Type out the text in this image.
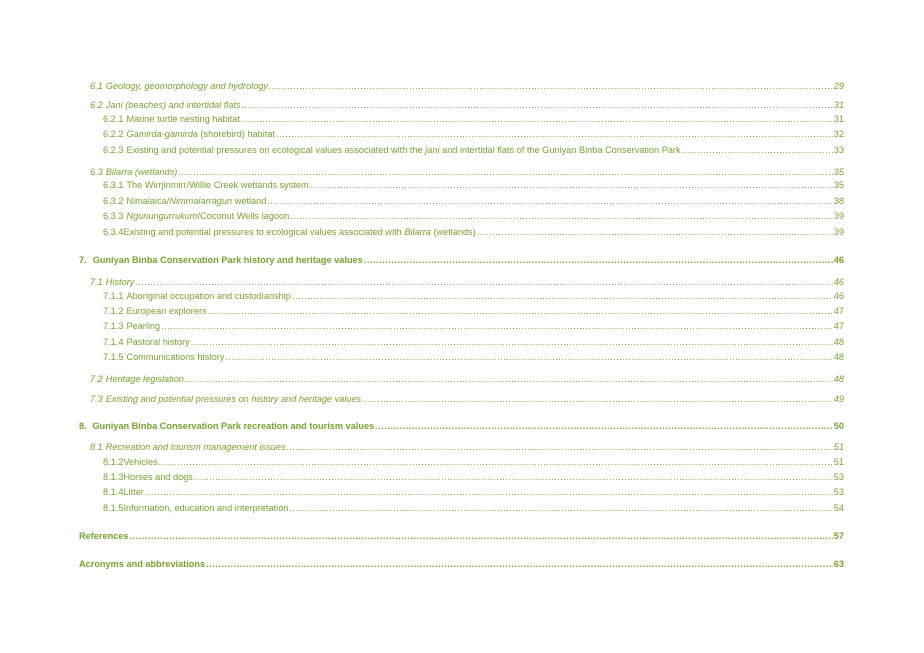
6.1 Geology, geomorphology and hydrology .....	29
6.2 Jani (beaches) and intertidal flats .....	31
6.2.1 Marine turtle nesting habitat .....	31
6.2.2 Gamirda-gamirda (shorebird) habitat .....	32
6.2.3 Existing and potential pressures on ecological values associated with the jani and intertidal flats of the Guniyan Binba Conservation Park .....	33
6.3 Bilarra (wetlands) .....	35
6.3.1 The Wirrjinmirr/Willie Creek wetlands system .....	35
6.3.2 Nimalaica/Nimmalarragun wetland .....	38
6.3.3 Ngunungurrukum/Coconut Wells lagoon .....	39
6.3.4 Existing and potential pressures to ecological values associated with Bilarra (wetlands) .....	39
7. Guniyan Binba Conservation Park history and heritage values .....	46
7.1 History .....	46
7.1.1 Aboriginal occupation and custodianship .....	46
7.1.2 European explorers .....	47
7.1.3 Pearling .....	47
7.1.4 Pastoral history .....	48
7.1.5 Communications history .....	48
7.2 Heritage legislation .....	48
7.3 Existing and potential pressures on history and heritage values .....	49
8. Guniyan Binba Conservation Park recreation and tourism values .....	50
8.1 Recreation and tourism management issues .....	51
8.1.2 Vehicles .....	51
8.1.3 Horses and dogs .....	53
8.1.4 Litter .....	53
8.1.5 Information, education and interpretation .....	54
References .....	57
Acronyms and abbreviations .....	63
